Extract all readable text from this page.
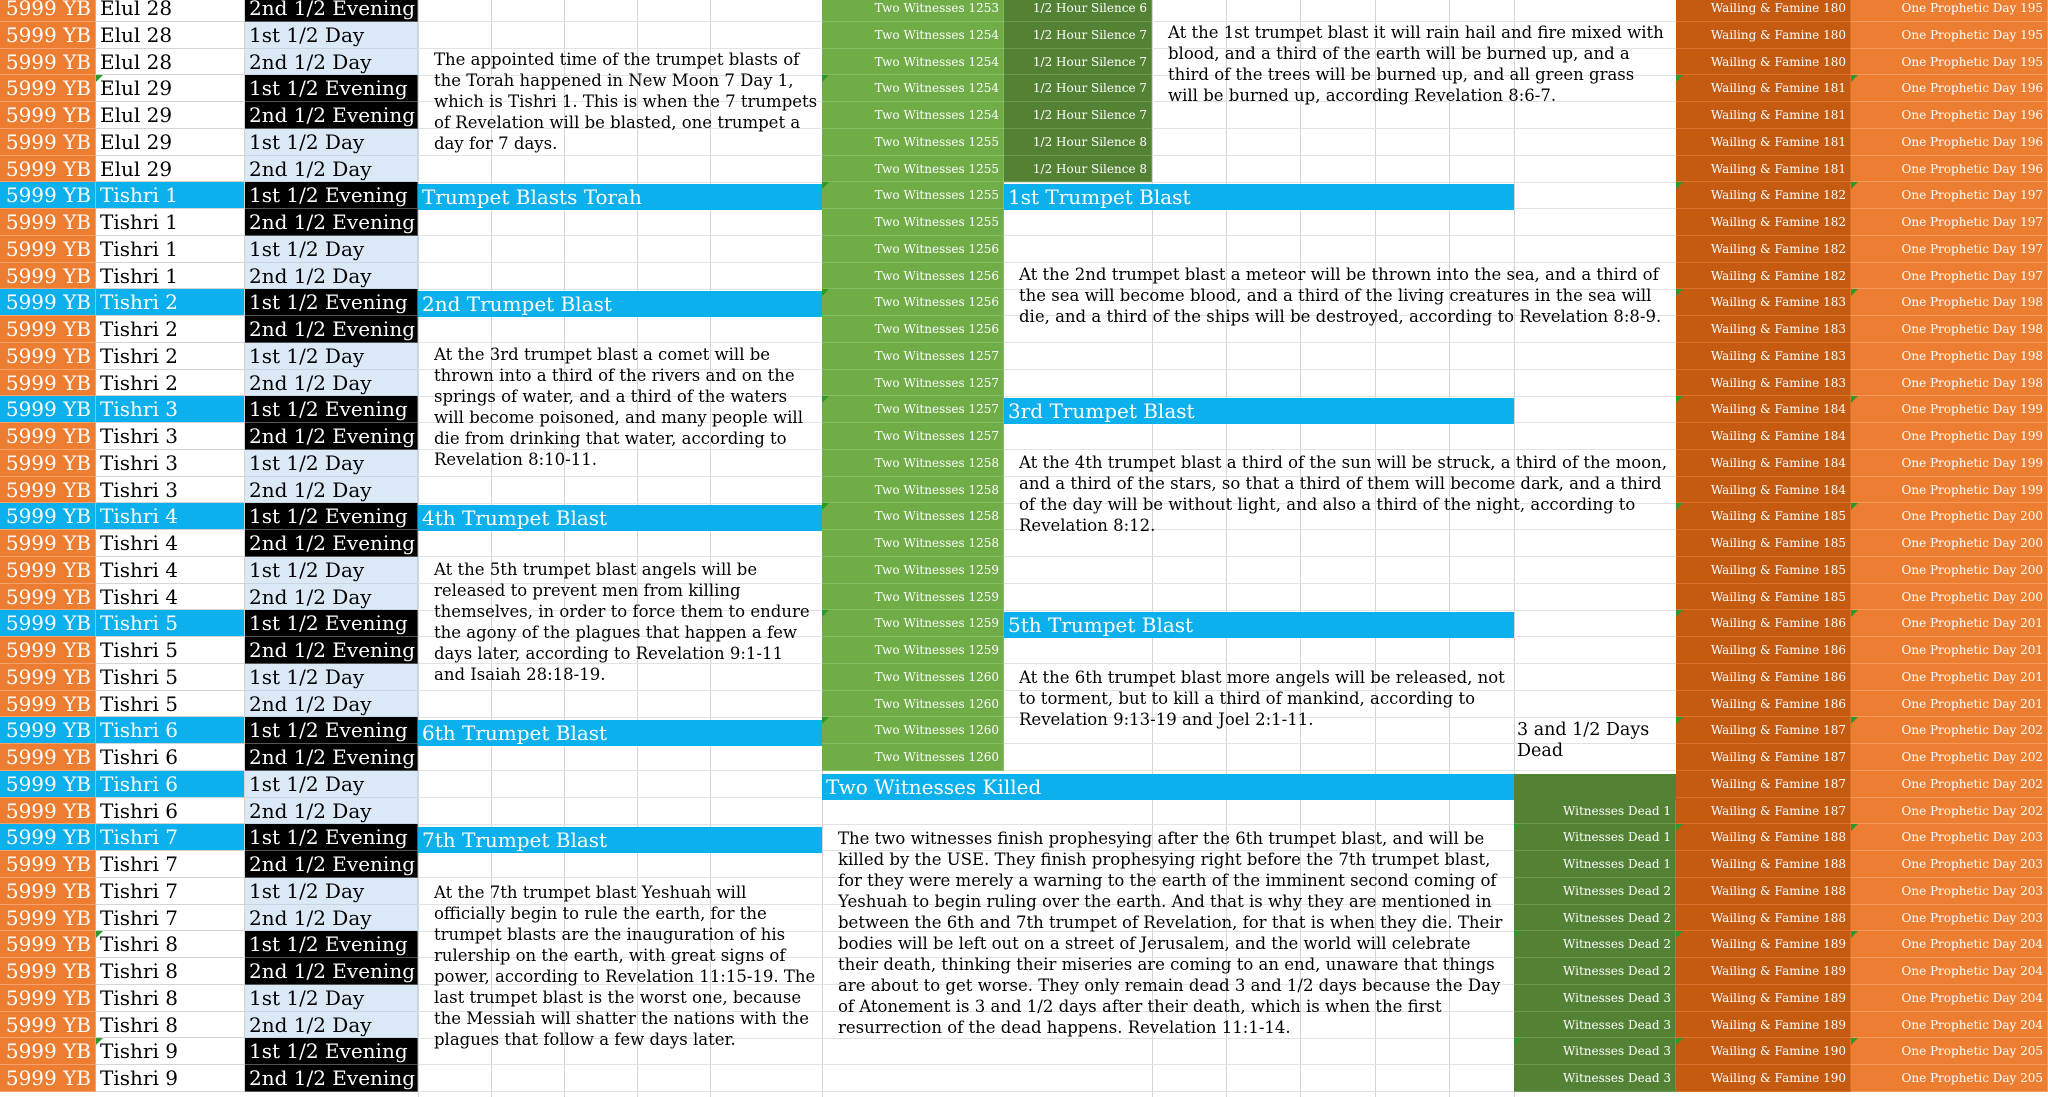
5999 YB Elul 28	2nd 1/2 Evening	Two Witnesses 1253	1/2 Hour Silence 6	Wailing & Famine 180	One Prophetic Day 195
5999 YB Elul 28	1st 1/2 Day	Two Witnesses 1254	1/2 Hour Silence 7	Wailing & Famine 180	One Prophetic Day 195
5999 YB Elul 28	2nd 1/2 Day	Two Witnesses 1254	1/2 Hour Silence 7	Wailing & Famine 180	One Prophetic Day 195
5999 YB Elul 29	1st 1/2 Evening	Two Witnesses 1254	1/2 Hour Silence 7	Wailing & Famine 181	One Prophetic Day 196
5999 YB Elul 29	2nd 1/2 Evening	Two Witnesses 1254	1/2 Hour Silence 7	Wailing & Famine 181	One Prophetic Day 196
5999 YB Elul 29	1st 1/2 Day	Two Witnesses 1255	1/2 Hour Silence 8	Wailing & Famine 181	One Prophetic Day 196
5999 YB Elul 29	2nd 1/2 Day	Two Witnesses 1255	1/2 Hour Silence 8	Wailing & Famine 181	One Prophetic Day 196
5999 YB Tishri 1	1st 1/2 Evening	Two Witnesses 1255	Wailing & Famine 182	One Prophetic Day 197
5999 YB Tishri 1	2nd 1/2 Evening	Two Witnesses 1255	Wailing & Famine 182	One Prophetic Day 197
5999 YB Tishri 1	1st 1/2 Day	Two Witnesses 1256	Wailing & Famine 182	One Prophetic Day 197
5999 YB Tishri 1	2nd 1/2 Day	Two Witnesses 1256	Wailing & Famine 182	One Prophetic Day 197
5999 YB Tishri 2	1st 1/2 Evening	Two Witnesses 1256	Wailing & Famine 183	One Prophetic Day 198
5999 YB Tishri 2	2nd 1/2 Evening	Two Witnesses 1256	Wailing & Famine 183	One Prophetic Day 198
5999 YB Tishri 2	1st 1/2 Day	Two Witnesses 1257	Wailing & Famine 183	One Prophetic Day 198
5999 YB Tishri 2	2nd 1/2 Day	Two Witnesses 1257	Wailing & Famine 183	One Prophetic Day 198
5999 YB Tishri 3	1st 1/2 Evening	Two Witnesses 1257	Wailing & Famine 184	One Prophetic Day 199
5999 YB Tishri 3	2nd 1/2 Evening	Two Witnesses 1257	Wailing & Famine 184	One Prophetic Day 199
5999 YB Tishri 3	1st 1/2 Day	Two Witnesses 1258	Wailing & Famine 184	One Prophetic Day 199
5999 YB Tishri 3	2nd 1/2 Day	Two Witnesses 1258	Wailing & Famine 184	One Prophetic Day 199
5999 YB Tishri 4	1st 1/2 Evening	Two Witnesses 1258	Wailing & Famine 185	One Prophetic Day 200
5999 YB Tishri 4	2nd 1/2 Evening	Two Witnesses 1258	Wailing & Famine 185	One Prophetic Day 200
5999 YB Tishri 4	1st 1/2 Day	Two Witnesses 1259	Wailing & Famine 185	One Prophetic Day 200
5999 YB Tishri 4	2nd 1/2 Day	Two Witnesses 1259	Wailing & Famine 185	One Prophetic Day 200
5999 YB Tishri 5	1st 1/2 Evening	Two Witnesses 1259	Wailing & Famine 186	One Prophetic Day 201
5999 YB Tishri 5	2nd 1/2 Evening	Two Witnesses 1259	Wailing & Famine 186	One Prophetic Day 201
5999 YB Tishri 5	1st 1/2 Day	Two Witnesses 1260	Wailing & Famine 186	One Prophetic Day 201
5999 YB Tishri 5	2nd 1/2 Day	Two Witnesses 1260	Wailing & Famine 186	One Prophetic Day 201
5999 YB Tishri 6	1st 1/2 Evening	Two Witnesses 1260	Wailing & Famine 187	One Prophetic Day 202
5999 YB Tishri 6	2nd 1/2 Evening	Two Witnesses 1260	Wailing & Famine 187	One Prophetic Day 202
5999 YB Tishri 6	1st 1/2 Day	Wailing & Famine 187	One Prophetic Day 202
5999 YB Tishri 6	2nd 1/2 Day	Witnesses Dead 1	Wailing & Famine 187	One Prophetic Day 202
5999 YB Tishri 7	1st 1/2 Evening	Witnesses Dead 1	Wailing & Famine 188	One Prophetic Day 203
5999 YB Tishri 7	2nd 1/2 Evening	Witnesses Dead 1	Wailing & Famine 188	One Prophetic Day 203
5999 YB Tishri 7	1st 1/2 Day	Witnesses Dead 2	Wailing & Famine 188	One Prophetic Day 203
5999 YB Tishri 7	2nd 1/2 Day	Witnesses Dead 2	Wailing & Famine 188	One Prophetic Day 203
5999 YB Tishri 8	1st 1/2 Evening	Witnesses Dead 2	Wailing & Famine 189	One Prophetic Day 204
5999 YB Tishri 8	2nd 1/2 Evening	Witnesses Dead 2	Wailing & Famine 189	One Prophetic Day 204
5999 YB Tishri 8	1st 1/2 Day	Witnesses Dead 3	Wailing & Famine 189	One Prophetic Day 204
5999 YB Tishri 8	2nd 1/2 Day	Witnesses Dead 3	Wailing & Famine 189	One Prophetic Day 204
5999 YB Tishri 9	1st 1/2 Evening	Witnesses Dead 3	Wailing & Famine 190	One Prophetic Day 205
5999 YB Tishri 9	2nd 1/2 Evening	Witnesses Dead 3	Wailing & Famine 190	One Prophetic Day 205
Trumpet Blasts Torah	1st Trumpet Blast
2nd Trumpet Blast
3rd Trumpet Blast
4th Trumpet Blast
5th Trumpet Blast
6th Trumpet Blast
Two Witnesses Killed
7th Trumpet Blast
The appointed time of the trumpet blasts of the Torah happened in New Moon 7 Day 1, which is Tishri 1. This is when the 7 trumpets of Revelation will be blasted, one trumpet a day for 7 days.
At the 1st trumpet blast it will rain hail and fire mixed with blood, and a third of the earth will be burned up, and a third of the trees will be burned up, and all green grass will be burned up, according Revelation 8:6-7.
At the 2nd trumpet blast a meteor will be thrown into the sea, and a third of the sea will become blood, and a third of the living creatures in the sea will die, and a third of the ships will be destroyed, according to Revelation 8:8-9.
At the 3rd trumpet blast a comet will be thrown into a third of the rivers and on the springs of water, and a third of the waters will become poisoned, and many people will die from drinking that water, according to Revelation 8:10-11.	At the 4th trumpet blast a third of the sun will be struck, a third of the moon, and a third of the stars, so that a third of them will become dark, and a third of the day will be without light, and also a third of the night, according to Revelation 8:12.
At the 5th trumpet blast angels will be released to prevent men from killing themselves, in order to force them to endure the agony of the plagues that happen a few days later, according to Revelation 9:1-11 and Isaiah 28:18-19.	At the 6th trumpet blast more angels will be released, not to torment, but to kill a third of mankind, according to Revelation 9:13-19 and Joel 2:1-11.
3 and 1/2 Days Dead
At the 7th trumpet blast Yeshuah will officially begin to rule the earth, for the trumpet blasts are the inauguration of his rulership on the earth, with great signs of power, according to Revelation 11:15-19. The last trumpet blast is the worst one, because the Messiah will shatter the nations with the plagues that follow a few days later.
The two witnesses finish prophesying after the 6th trumpet blast, and will be killed by the USE. They finish prophesying right before the 7th trumpet blast, for they were merely a warning to the earth of the imminent second coming of Yeshuah to begin ruling over the earth. And that is why they are mentioned in between the 6th and 7th trumpet of Revelation, for that is when they die. Their bodies will be left out on a street of Jerusalem, and the world will celebrate their death, thinking their miseries are coming to an end, unaware that things are about to get worse. They only remain dead 3 and 1/2 days because the Day of Atonement is 3 and 1/2 days after their death, which is when the first resurrection of the dead happens. Revelation 11:1-14.
